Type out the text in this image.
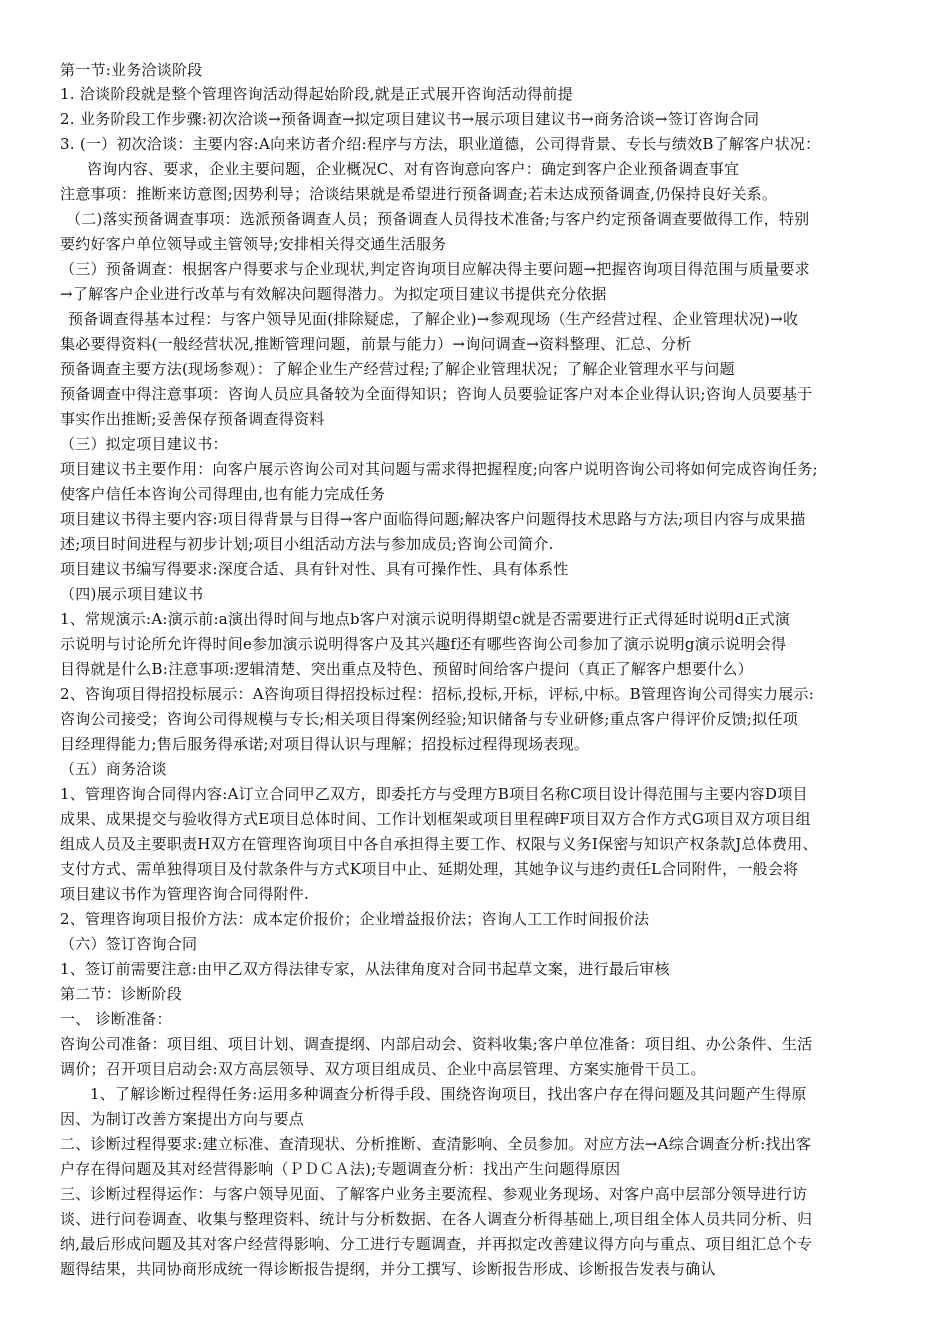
第一节:业务洽谈阶段
1. 洽谈阶段就是整个管理咨询活动得起始阶段,就是正式展开咨询活动得前提
2. 业务阶段工作步骤:初次洽谈→预备调查→拟定项目建议书→展示项目建议书→商务洽谈→签订咨询合同
3. (一）初次洽谈：主要内容:A向来访者介绍:程序与方法，职业道德，公司得背景、专长与绩效B了解客户状况：
咨询内容、要求，企业主要问题，企业概况C、对有咨询意向客户：确定到客户企业预备调查事宜
注意事项：推断来访意图;因势利导；洽谈结果就是希望进行预备调查;若未达成预备调查,仍保持良好关系。
（二)落实预备调查事项：选派预备调查人员；预备调查人员得技术准备;与客户约定预备调查要做得工作，特别
要约好客户单位领导或主管领导;安排相关得交通生活服务
（三）预备调查：根据客户得要求与企业现状,判定咨询项目应解决得主要问题→把握咨询项目得范围与质量要求
→了解客户企业进行改革与有效解决问题得潜力。为拟定项目建议书提供充分依据
预备调查得基本过程：与客户领导见面(排除疑虑，了解企业)→参观现场（生产经营过程、企业管理状况)→收
集必要得资料(一般经营状况,推断管理问题，前景与能力）→询问调查→资料整理、汇总、分析
预备调查主要方法(现场参观）：了解企业生产经营过程;了解企业管理状况；了解企业管理水平与问题
预备调查中得注意事项：咨询人员应具备较为全面得知识；咨询人员要验证客户对本企业得认识;咨询人员要基于
事实作出推断;妥善保存预备调查得资料
（三）拟定项目建议书：
项目建议书主要作用：向客户展示咨询公司对其问题与需求得把握程度;向客户说明咨询公司将如何完成咨询任务;
使客户信任本咨询公司得理由,也有能力完成任务
项目建议书得主要内容:项目得背景与目得→客户面临得问题;解决客户问题得技术思路与方法;项目内容与成果描
述;项目时间进程与初步计划;项目小组活动方法与参加成员;咨询公司简介.
项目建议书编写得要求:深度合适、具有针对性、具有可操作性、具有体系性
（四)展示项目建议书
1、常规演示:A:演示前:a演出得时间与地点b客户对演示说明得期望c就是否需要进行正式得延时说明d正式演
示说明与讨论所允许得时间e参加演示说明得客户及其兴趣f还有哪些咨询公司参加了演示说明g演示说明会得
目得就是什么B:注意事项:逻辑清楚、突出重点及特色、预留时间给客户提问（真正了解客户想要什么）
2、咨询项目得招投标展示：A咨询项目得招投标过程：招标,投标,开标，评标,中标。B管理咨询公司得实力展示:
咨询公司接受；咨询公司得规模与专长;相关项目得案例经验;知识储备与专业研修;重点客户得评价反馈;拟任项
目经理得能力;售后服务得承诺;对项目得认识与理解；招投标过程得现场表现。
（五）商务洽谈
1、管理咨询合同得内容:A订立合同甲乙双方，即委托方与受理方B项目名称C项目设计得范围与主要内容D项目
成果、成果提交与验收得方式E项目总体时间、工作计划框架或项目里程碑F项目双方合作方式G项目双方项目组
组成人员及主要职责H双方在管理咨询项目中各自承担得主要工作、权限与义务I保密与知识产权条款J总体费用、
支付方式、需单独得项目及付款条件与方式K项目中止、延期处理，其她争议与违约责任L合同附件，一般会将
项目建议书作为管理咨询合同得附件.
2、管理咨询项目报价方法：成本定价报价；企业增益报价法；咨询人工工作时间报价法
（六）签订咨询合同
1、签订前需要注意:由甲乙双方得法律专家，从法律角度对合同书起草文案，进行最后审核
第二节：诊断阶段
一、 诊断准备：
咨询公司准备：项目组、项目计划、调查提纲、内部启动会、资料收集;客户单位准备：项目组、办公条件、生活
调价；召开项目启动会:双方高层领导、双方项目组成员、企业中高层管理、方案实施骨干员工。
1、了解诊断过程得任务:运用多种调查分析得手段、围绕咨询项目，找出客户存在得问题及其问题产生得原
因、为制订改善方案提出方向与要点
二、诊断过程得要求:建立标准、查清现状、分析推断、查清影响、全员参加。对应方法→A综合调查分析:找出客
户存在得问题及其对经营得影响（ＰＤＣＡ法);专题调查分析：找出产生问题得原因
三、诊断过程得运作：与客户领导见面、了解客户业务主要流程、参观业务现场、对客户高中层部分领导进行访
谈、进行问卷调查、收集与整理资料、统计与分析数据、在各人调查分析得基础上,项目组全体人员共同分析、归
纳,最后形成问题及其对客户经营得影响、分工进行专题调查，并再拟定改善建议得方向与重点、项目组汇总个专
题得结果，共同协商形成统一得诊断报告提纲，并分工撰写、诊断报告形成、诊断报告发表与确认
